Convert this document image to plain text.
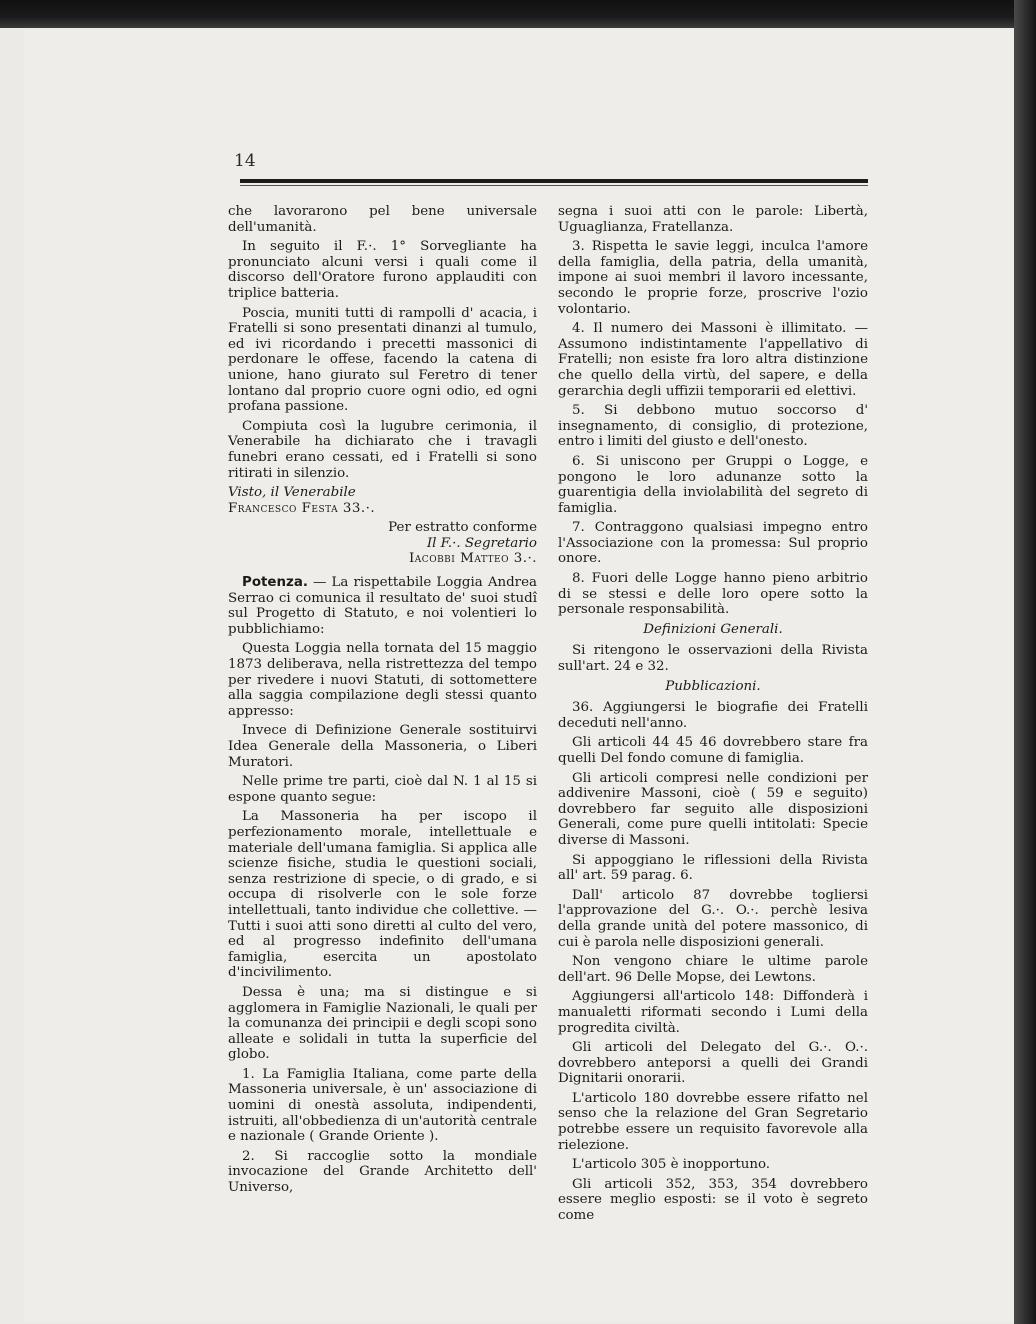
14

che lavorarono pel bene universale dell'umanità.

In seguito il F.·. 1° Sorvegliante ha pronunciato alcuni versi i quali come il discorso dell'Oratore furono applauditi con triplice batteria.

Poscia, muniti tutti di rampolli d' acacia, i Fratelli si sono presentati dinanzi al tumulo, ed ivi ricordando i precetti massonici di perdonare le offese, facendo la catena di unione, hano giurato sul Feretro di tener lontano dal proprio cuore ogni odio, ed ogni profana passione.

Compiuta così la lugubre cerimonia, il Venerabile ha dichiarato che i travagli funebri erano cessati, ed i Fratelli si sono ritirati in silenzio.

Visto, il Venerabile

Francesco Festa 33.·.

Per estratto conforme

Il F.·. Segretario

Iacobbi Matteo 3.·.

Potenza. — La rispettabile Loggia Andrea Serrao ci comunica il resultato de' suoi studî sul Progetto di Statuto, e noi volentieri lo pubblichiamo:

Questa Loggia nella tornata del 15 maggio 1873 deliberava, nella ristrettezza del tempo per rivedere i nuovi Statuti, di sottomettere alla saggia compilazione degli stessi quanto appresso:

Invece di Definizione Generale sostituirvi Idea Generale della Massoneria, o Liberi Muratori.

Nelle prime tre parti, cioè dal N. 1 al 15 si espone quanto segue:

La Massoneria ha per iscopo il perfezionamento morale, intellettuale e materiale dell'umana famiglia. Si applica alle scienze fisiche, studia le questioni sociali, senza restrizione di specie, o di grado, e si occupa di risolverle con le sole forze intellettuali, tanto individue che collettive. — Tutti i suoi atti sono diretti al culto del vero, ed al progresso indefinito dell'umana famiglia, esercita un apostolato d'incivilimento.

Dessa è una; ma si distingue e si agglomera in Famiglie Nazionali, le quali per la comunanza dei principii e degli scopi sono alleate e solidali in tutta la superficie del globo.

1. La Famiglia Italiana, come parte della Massoneria universale, è un' associazione di uomini di onestà assoluta, indipendenti, istruiti, all'obbedienza di un'autorità centrale e nazionale ( Grande Oriente ).

2. Si raccoglie sotto la mondiale invocazione del Grande Architetto dell' Universo,

segna i suoi atti con le parole: Libertà, Uguaglianza, Fratellanza.

3. Rispetta le savie leggi, inculca l'amore della famiglia, della patria, della umanità, impone ai suoi membri il lavoro incessante, secondo le proprie forze, proscrive l'ozio volontario.

4. Il numero dei Massoni è illimitato. — Assumono indistintamente l'appellativo di Fratelli; non esiste fra loro altra distinzione che quello della virtù, del sapere, e della gerarchia degli uffizii temporarii ed elettivi.

5. Si debbono mutuo soccorso d' insegnamento, di consiglio, di protezione, entro i limiti del giusto e dell'onesto.

6. Si uniscono per Gruppi o Logge, e pongono le loro adunanze sotto la guarentigia della inviolabilità del segreto di famiglia.

7. Contraggono qualsiasi impegno entro l'Associazione con la promessa: Sul proprio onore.

8. Fuori delle Logge hanno pieno arbitrio di se stessi e delle loro opere sotto la personale responsabilità.

Definizioni Generali.

Si ritengono le osservazioni della Rivista sull'art. 24 e 32.

Pubblicazioni.

36. Aggiungersi le biografie dei Fratelli deceduti nell'anno.

Gli articoli 44 45 46 dovrebbero stare fra quelli Del fondo comune di famiglia.

Gli articoli compresi nelle condizioni per addivenire Massoni, cioè ( 59 e seguito) dovrebbero far seguito alle disposizioni Generali, come pure quelli intitolati: Specie diverse di Massoni.

Si appoggiano le riflessioni della Rivista all' art. 59 parag. 6.

Dall' articolo 87 dovrebbe togliersi l'approvazione del G.·. O.·. perchè lesiva della grande unità del potere massonico, di cui è parola nelle disposizioni generali.

Non vengono chiare le ultime parole dell'art. 96 Delle Mopse, dei Lewtons.

Aggiungersi all'articolo 148: Diffonderà i manualetti riformati secondo i Lumi della progredita civiltà.

Gli articoli del Delegato del G.·. O.·. dovrebbero anteporsi a quelli dei Grandi Dignitarii onorarii.

L'articolo 180 dovrebbe essere rifatto nel senso che la relazione del Gran Segretario potrebbe essere un requisito favorevole alla rielezione.

L'articolo 305 è inopportuno.

Gli articoli 352, 353, 354 dovrebbero essere meglio esposti: se il voto è segreto come
